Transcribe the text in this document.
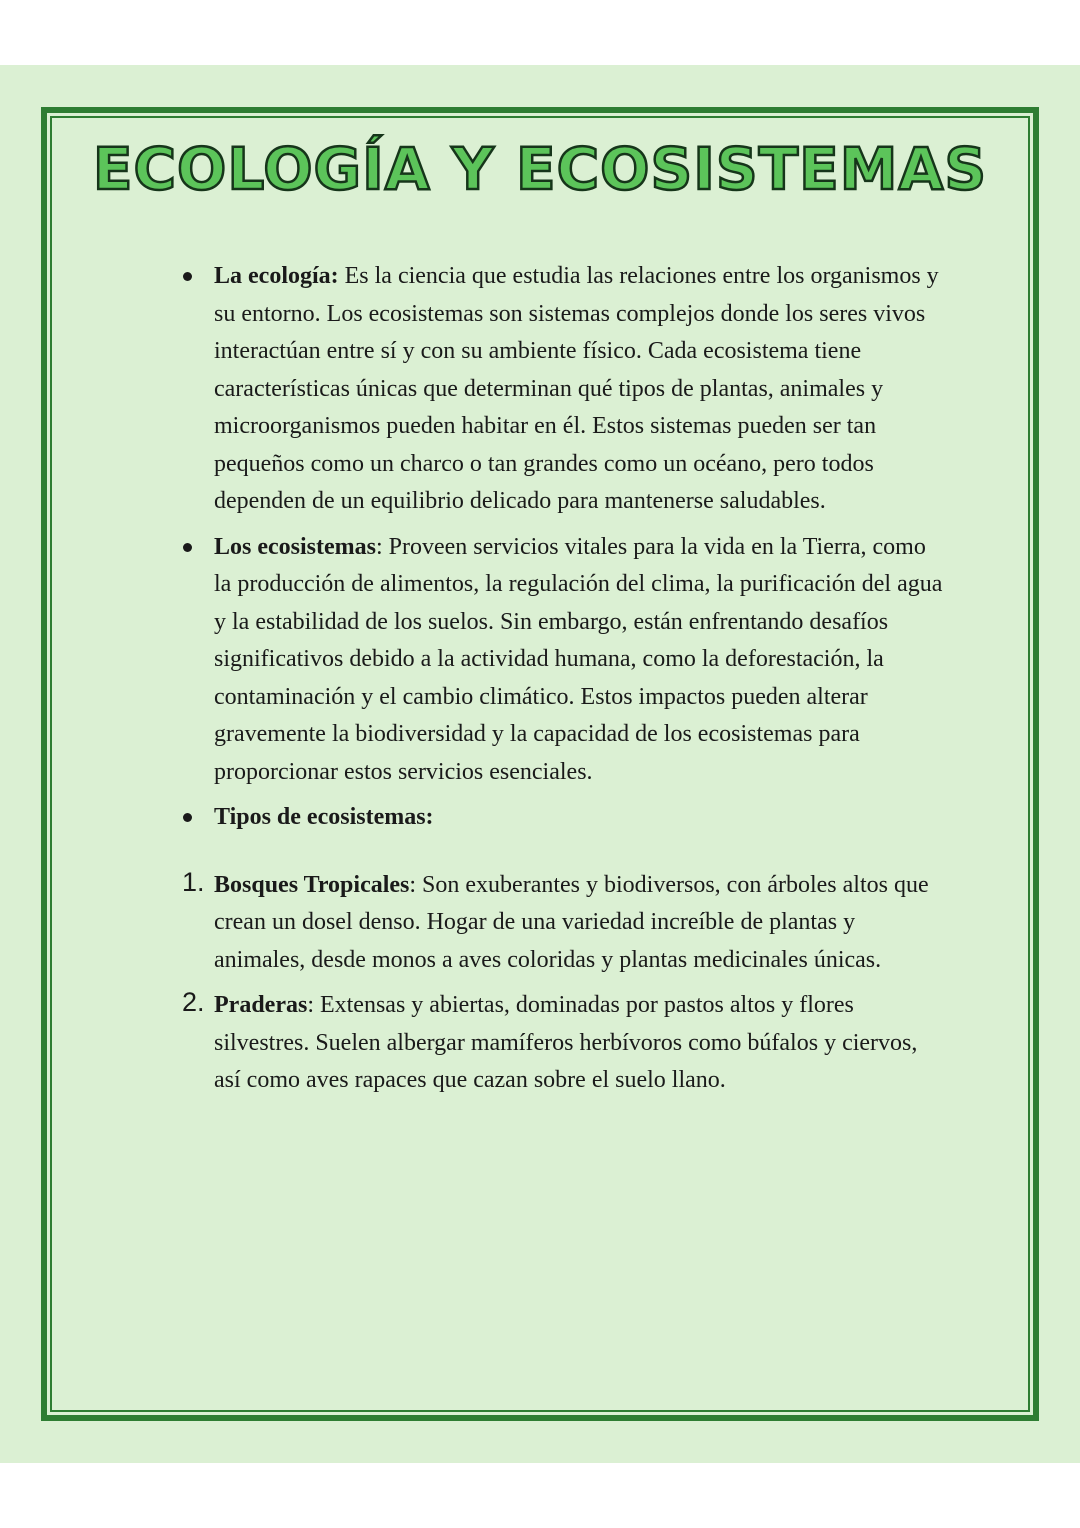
ECOLOGÍA Y ECOSISTEMAS
La ecología: Es la ciencia que estudia las relaciones entre los organismos y su entorno. Los ecosistemas son sistemas complejos donde los seres vivos interactúan entre sí y con su ambiente físico. Cada ecosistema tiene características únicas que determinan qué tipos de plantas, animales y microorganismos pueden habitar en él. Estos sistemas pueden ser tan pequeños como un charco o tan grandes como un océano, pero todos dependen de un equilibrio delicado para mantenerse saludables.
Los ecosistemas: Proveen servicios vitales para la vida en la Tierra, como la producción de alimentos, la regulación del clima, la purificación del agua y la estabilidad de los suelos. Sin embargo, están enfrentando desafíos significativos debido a la actividad humana, como la deforestación, la contaminación y el cambio climático. Estos impactos pueden alterar gravemente la biodiversidad y la capacidad de los ecosistemas para proporcionar estos servicios esenciales.
Tipos de ecosistemas:
1. Bosques Tropicales: Son exuberantes y biodiversos, con árboles altos que crean un dosel denso. Hogar de una variedad increíble de plantas y animales, desde monos a aves coloridas y plantas medicinales únicas.
2. Praderas: Extensas y abiertas, dominadas por pastos altos y flores silvestres. Suelen albergar mamíferos herbívoros como búfalos y ciervos, así como aves rapaces que cazan sobre el suelo llano.
